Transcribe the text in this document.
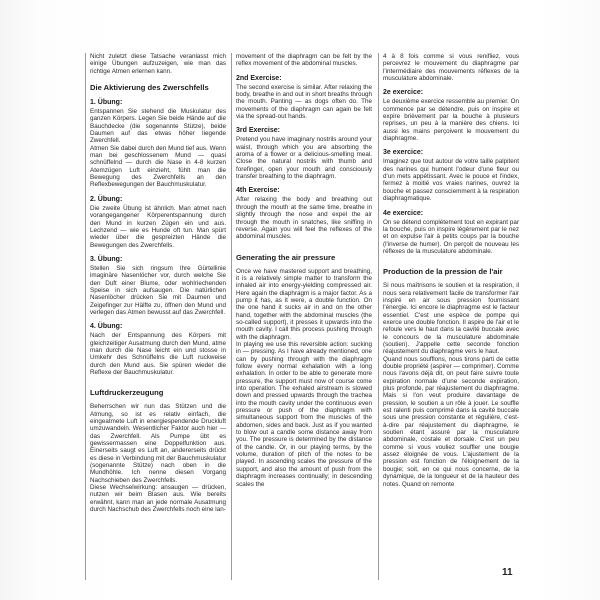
Nicht zuletzt diese Tatsache veranlasst mich einige Übungen aufzuzeigen, wie man das richtige Atmen erlernen kann.

Die Aktivierung des Zwerschfells
1. Übung:

Entspannen Sie stehend die Muskulatur des ganzen Körpers. Legen Sie beide Hände auf die Bauchdecke (die sogenannte Stütze), beide Daumen auf das etwas höher liegende Zwerchfell.

Atmen Sie dabei durch den Mund tief aus. Wenn man bei geschlossenem Mund — quasi schnüffelnd — durch die Nase in 4-8 kurzen Atemzügen Luft einzieht, fühlt man die Bewegung des Zwerchfells an den Reflexbewegungen der Bauchmuskulatur.

2. Übung:

Die zweite Übung ist ähnlich. Man atmet nach vorangegangener Körperentspannung durch den Mund in kurzen Zügen ein und aus. Lechzend — wie es Hunde oft tun. Man spürt wieder über die gespreizten Hände die Bewegungen des Zwerchfells.

3. Übung:

Stellen Sie sich ringsum Ihre Gürtellinie imaginäre Nasenlöcher vor, durch welche Sie den Duft einer Blume, oder wohlriechenden Speise in sich aufsaugen. Die natürlichen Nasenlöcher drücken Sie mit Daumen und Zeigefinger zur Hälfte zu, öffnen den Mund und verlegen das Atmen bewusst auf das Zwerchfell.

4. Übung:

Nach der Entspannung des Körpers mit gleichzeitiger Ausatmung durch den Mund, atme man durch die Nase leicht ein und stosse in Umkehr des Schnüffelns die Luft ruckweise durch den Mund aus. Sie spüren wieder die Reflexe der Bauchmuskulatur.

Luftdruckerzeugung

Beherrschen wir nun das Stützen und die Atmung, so ist es relativ einfach, die eingeatmete Luft in energiespendende Druckluft umzuwandeln. Wesentlicher Faktor auch hier — das Zwerchfell. Als Pumpe übt es gewissermassen eine Doppelfunktion aus. Einerseits saugt es Luft an, andererseits drückt es diese in Verbindung mit der Bauchmuskulatur (sogenannte Stütze) nach oben in die Mundhöhle. Ich nenne diesen Vorgang Nachschieben des Zwerchfells.

Diese Wechselwirkung: ansaugen — drücken, nutzen wir beim Blasen aus. Wie bereits erwähnt, kann man an jede normale Ausatmung durch Nachschub des Zwerchfells noch eine lan-

movement of the diaphragm can be felt by the reflex movement of the abdominal muscles.

2nd Exercise:

The second exercise is similar. After relaxing the body, breathe in and out in short breaths through the mouth. Panting — as dogs often do. The movements of the diaphragm can again be felt via the spread-out hands.

3rd Exercise:

Pretend you have imaginary nostrils around your waist, through which you are absorbing the aroma of a flower or a delicious-smelling meal. Close the natural nostrils with thumb and forefinger, open your mouth and consciously transfer breathing to the diaphragm.

4th Exercise:

After relaxing the body and breathing out through the mouth at the same time, breathe in slightly through the nose and expel the air through the mouth in snatches, like sniffing in reverse. Again you will feel the reflexes of the abdominal muscles.

Generating the air pressure

Once we have mastered support and breathing, it is a relatively simple matter to transform the inhaled air into energy-yielding compressed air. Here again the diaphragm is a major factor. As a pump it has, as it were, a double function. On the one hand it sucks air in and on the other hand, together with the abdominal muscles (the so-called support), it presses it upwards into the mouth cavity. I call this process pushing through with the diaphragm.

In playing we use this reversible action: sucking in — pressing. As I have already mentioned, one can by pushing through with the diaphragm follow every normal exhalation with a long exhalation. In order to be able to generate more pressure, the support must now of course come into operation. The exhaled airstream is slowed down and pressed upwards through the trachea into the mouth cavity under the continuous even pressure or push of the diaphragm with simultaneous support from the muscles of the abdomen, sides and back. Just as if you wanted to blow out a candle some distance away from you. The pressure is determined by the distance of the candle. Or, in our playing terms, by the volume, duration of pitch of the notes to be played. In ascending scales the pressure of the support, and also the amount of push from the diaphragm increases continually; in descending scales the

4 à 8 fois comme si vous renifliez, vous percevrez le mouvement du diaphragme par l'intermédiaire des mouvements réflexes de la musculature abdominale.

2e exercice:

Le deuxième exercice ressemble au premier. On commence par se détendre, puis on inspire et expire brièvement par la bouche à plusieurs reprises, un peu à la manière des chiens. Ici aussi les mains perçoivent le mouvement du diaphragme.

3e exercice:

Imaginez que tout autour de votre taille palpitent des narines qui hument l'odeur d'une fleur ou d'un mets appétissant. Avec le pouce et l'index, fermez à moitié vos vraies narines, ouvrez la bouche et passez consciemment à la respiration diaphragmatique.

4e exercice:

On se détend complètement tout en expirant par la bouche, puis on inspire légèrement par le nez et on expulse l'air à petits coups par la bouche (l'inverse de humer). On perçoit de nouveau les réflexes de la musculature abdominale.

Production de la pression de l'air

Si nous maîtrisons le soutien et la respiration, il nous sera relativement facile de transformer l'air inspiré en air sous pression fournissant l'énergie. Ici encore le diaphragme est le facteur essentiel. C'est une espèce de pompe qui exerce une double fonction. Il aspire de l'air et le refoule vers le haut dans la cavité buccale avec le concours de la musculature abdominale (soutien). J'appelle cette seconde fonction réajustement du diaphragme vers le haut.

Quand nous soufflons, nous tirons parti de cette double propriété (aspirer — comprimer). Comme nous l'avons déjà dit, on peut faire suivre toute expiration normale d'une seconde expiration, plus profonde, par réajustement du diaphragme. Mais si l'on veut produire davantage de pression, le soutien a un rôle à jouer. Le souffle est ralenti puis comprimé dans la cavité buccale sous une pression constante et régulière, c'est-à-dire par réajustement du diaphragme, le soutien étant assuré par la musculature abdominale, costale et dorsale. C'est un peu comme si vous vouliez souffler une bougie assez éloignée de vous. L'ajustement de la pression est fonction de l'éloignement de la bougie; soit, en ce qui nous concerne, de la dynamique, de la longueur et de la hauteur des notes. Quand on remonte

11
